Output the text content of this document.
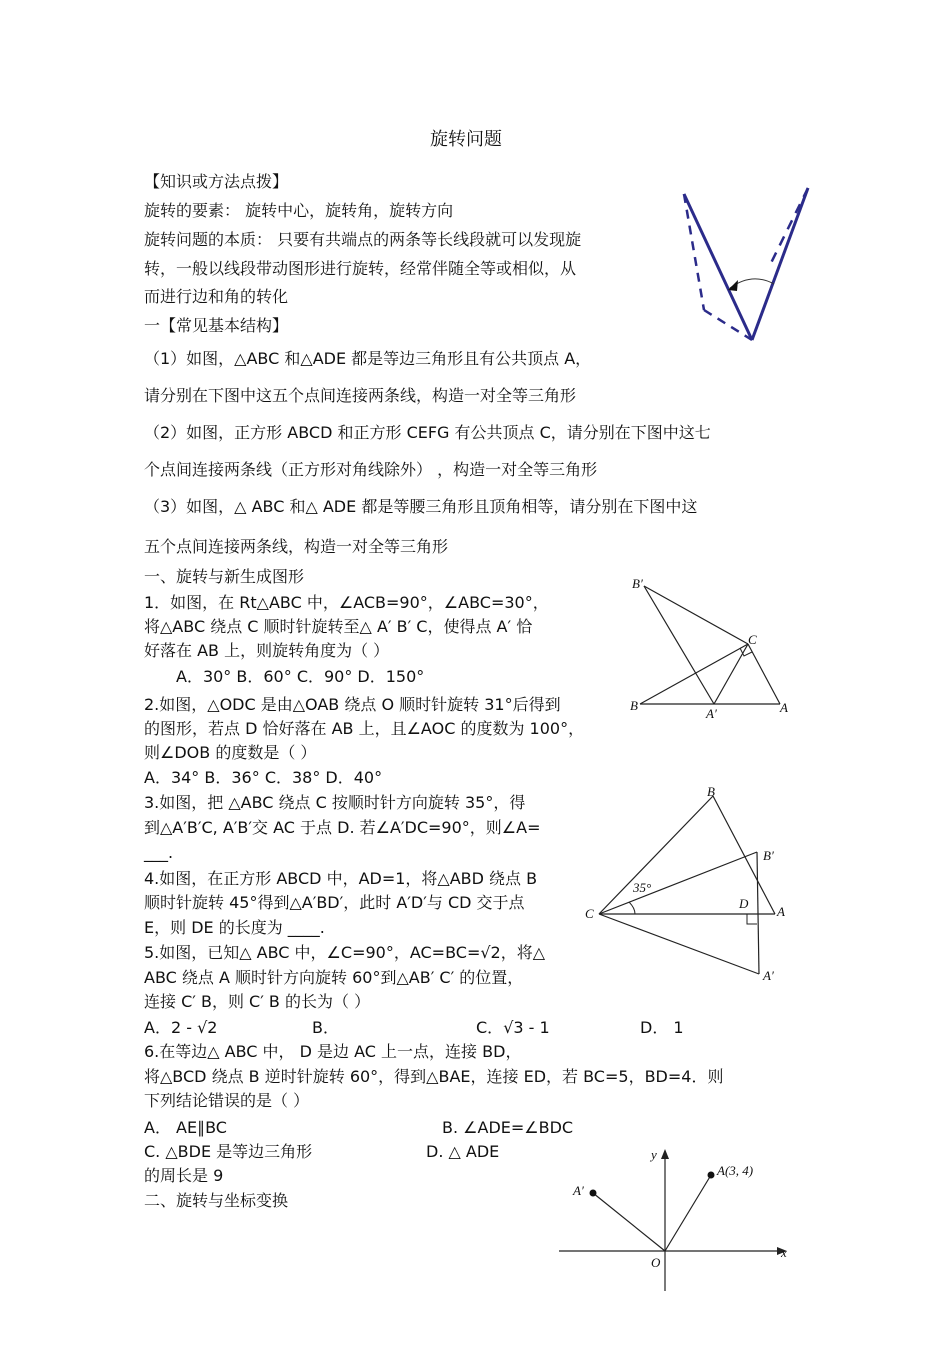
旋转问题
【知识或方法点拨】
旋转的要素： 旋转中心，旋转角，旋转方向
旋转问题的本质： 只要有共端点的两条等长线段就可以发现旋
转，一般以线段带动图形进行旋转，经常伴随全等或相似，从
而进行边和角的转化
一【常见基本结构】
（1）如图，△ABC 和△ADE 都是等边三角形且有公共顶点 A，
请分别在下图中这五个点间连接两条线，构造一对全等三角形
（2）如图，正方形 ABCD 和正方形 CEFG 有公共顶点 C，请分别在下图中这七
个点间连接两条线（正方形对角线除外） ，构造一对全等三角形
（3）如图，△ ABC 和△ ADE 都是等腰三角形且顶角相等，请分别在下图中这
五个点间连接两条线，构造一对全等三角形
一、旋转与新生成图形
1．如图，在 Rt△ABC 中，∠ACB=90°，∠ABC=30°，
将△ABC 绕点 C 顺时针旋转至△ A′ B′ C，使得点 A′ 恰
好落在 AB 上，则旋转角度为（ ）
A．30° B．60° C．90° D．150°
B′
C
B
A′	A
2.如图，△ODC 是由△OAB 绕点 O 顺时针旋转 31°后得到
的图形，若点 D 恰好落在 AB 上，且∠AOC 的度数为 100°，
则∠DOB 的度数是（ ）
A．34° B．36° C．38° D．40°
3.如图，把 △ABC 绕点 C 按顺时针方向旋转 35°，得
到△A′B′C, A′B′交 AC 于点 D. 若∠A′DC=90°，则∠A=
___.
B
B′
35°
C
D
A
A′
4.如图，在正方形 ABCD 中，AD=1，将△ABD 绕点 B
顺时针旋转 45°得到△A′BD′，此时 A′D′与 CD 交于点
E，则 DE 的长度为 ____.
5.如图，已知△ ABC 中，∠C=90°，AC=BC=√2，将△
ABC 绕点 A 顺时针方向旋转 60°到△AB′ C′ 的位置，
连接 C′ B，则 C′ B 的长为（ ）
A．2 - √2	B．	C．√3 - 1	D． 1
6.在等边△ ABC 中， D 是边 AC 上一点，连接 BD，
将△BCD 绕点 B 逆时针旋转 60°，得到△BAE，连接 ED，若 BC=5，BD=4．则
下列结论错误的是（ ）
A． AE∥BC	B. ∠ADE=∠BDC
C. △BDE 是等边三角形	D. △ ADE
的周长是 9
二、旋转与坐标变换
y
x
O
A(3, 4)
A′
